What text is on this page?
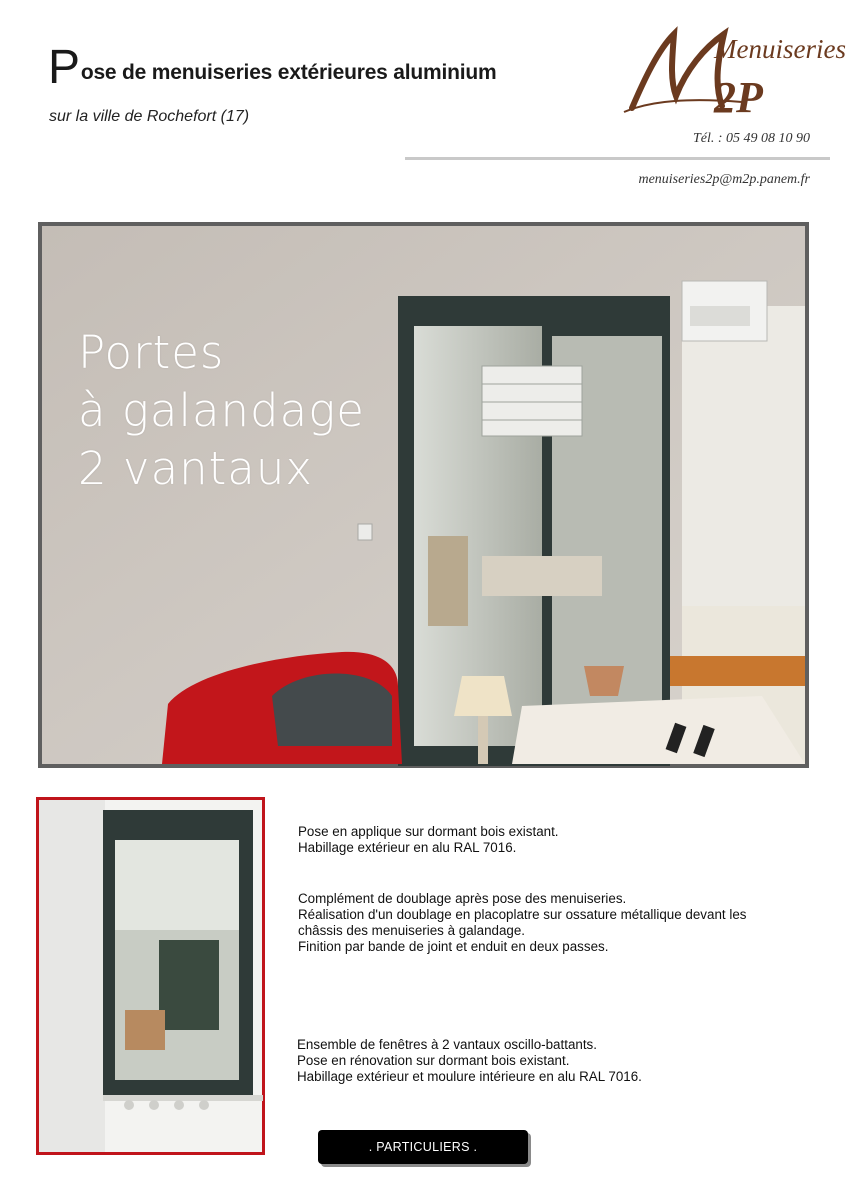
Pose de menuiseries extérieures aluminium
sur la ville de Rochefort (17)
Menuiseries
2P
Tél. : 05 49 08 10 90
menuiseries2p@m2p.panem.fr
Portes
à galandage
2 vantaux
Pose en applique sur dormant bois existant.
Habillage extérieur en alu RAL 7016.
Complément de doublage après pose des menuiseries.
Réalisation d'un doublage en placoplatre sur ossature métallique devant les
châssis des menuiseries à galandage.
Finition par bande de joint et enduit en deux passes.
Ensemble de fenêtres à 2 vantaux oscillo-battants.
Pose en rénovation sur dormant bois existant.
Habillage extérieur et moulure intérieure en alu RAL 7016.
. PARTICULIERS .
